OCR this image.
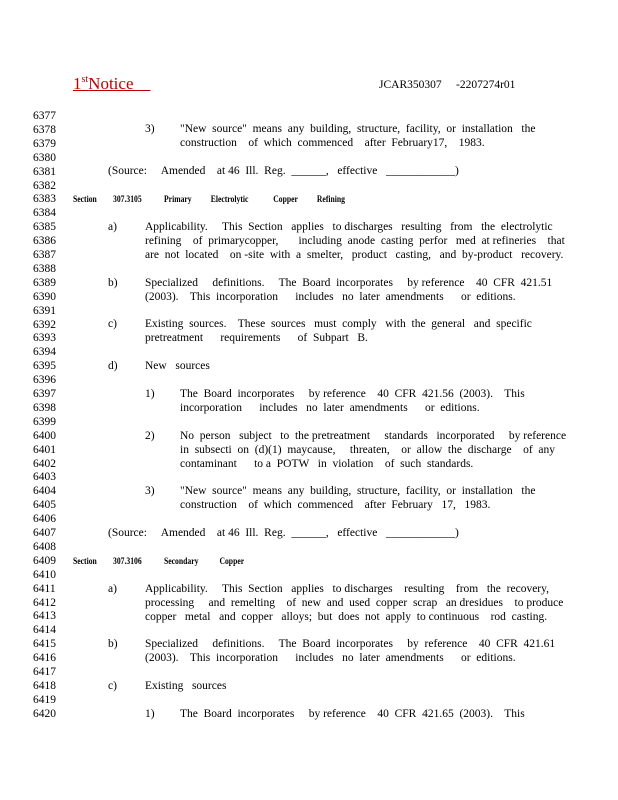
1stNotice	JCAR350307     -2207274r01
6377
6378
6379
6380
6381
6382
6383
6384
6385
6386
6387
6388
6389
6390
6391
6392
6393
6394
6395
6396
6397
6398
6399
6400
6401
6402
6403
6404
6405
6406
6407
6408
6409
6410
6411
6412
6413
6414
6415
6416
6417
6418
6419
6420
3) "New  source"  means  any  building,  structure,  facility,  or  installation   the
construction    of  which  commenced    after  February17,    1983.
(Source:     Amended    at 46  Ill.  Reg.  ______,   effective   ____________)
Section 307.3105 Primary          Electrolytic             Copper          Refining
a) Applicability.     This  Section   applies   to discharges   resulting   from   the  electrolytic
refining    of  primarycopper,       including  anode  casting  perfor   med  at refineries    that
are  not  located    on -site  with  a  smelter,   product   casting,   and  by-product   recovery.
b) Specialized     definitions.     The  Board  incorporates     by reference    40  CFR  421.51
(2003).    This  incorporation      includes   no  later  amendments      or  editions.
c) Existing  sources.    These  sources   must  comply   with  the  general   and  specific
pretreatment      requirements      of  Subpart   B.
d) New   sources
1) The  Board  incorporates     by reference    40  CFR  421.56  (2003).    This
incorporation      includes   no  later  amendments      or  editions.
2) No  person   subject   to  the pretreatment     standards   incorporated     by reference
in  subsecti  on  (d)(1)  maycause,     threaten,    or  allow  the  discharge    of  any
contaminant      to a  POTW   in  violation    of  such  standards.
3) "New  source"  means  any  building,  structure,  facility,  or  installation   the
construction    of  which  commenced    after  February   17,   1983.
(Source:     Amended    at 46  Ill.  Reg.  ______,   effective   ____________)
Section 307.3106 Secondary           Copper
a) Applicability.     This  Section   applies   to discharges    resulting    from   the  recovery,
processing     and  remelting    of  new  and  used  copper  scrap   an dresidues    to produce
copper   metal   and  copper   alloys;  but  does  not  apply  to continuous    rod  casting.
b) Specialized     definitions.     The  Board  incorporates     by  reference    40  CFR  421.61
(2003).    This  incorporation      includes   no  later  amendments      or  editions.
c) Existing   sources
1) The  Board  incorporates     by reference    40  CFR  421.65  (2003).    This
